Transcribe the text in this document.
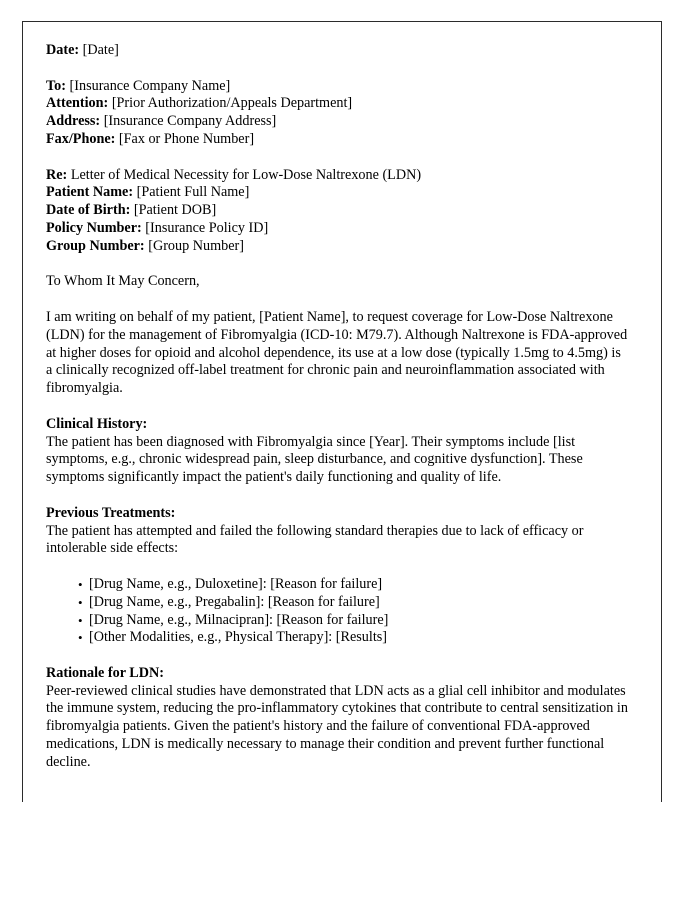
Date: [Date]
To: [Insurance Company Name]
Attention: [Prior Authorization/Appeals Department]
Address: [Insurance Company Address]
Fax/Phone: [Fax or Phone Number]
Re: Letter of Medical Necessity for Low-Dose Naltrexone (LDN)
Patient Name: [Patient Full Name]
Date of Birth: [Patient DOB]
Policy Number: [Insurance Policy ID]
Group Number: [Group Number]

To Whom It May Concern,

I am writing on behalf of my patient, [Patient Name], to request coverage for Low-Dose Naltrexone (LDN) for the management of Fibromyalgia (ICD-10: M79.7). Although Naltrexone is FDA-approved at higher doses for opioid and alcohol dependence, its use at a low dose (typically 1.5mg to 4.5mg) is a clinically recognized off-label treatment for chronic pain and neuroinflammation associated with fibromyalgia.

Clinical History:

The patient has been diagnosed with Fibromyalgia since [Year]. Their symptoms include [list symptoms, e.g., chronic widespread pain, sleep disturbance, and cognitive dysfunction]. These symptoms significantly impact the patient's daily functioning and quality of life.

Previous Treatments:

The patient has attempted and failed the following standard therapies due to lack of efficacy or intolerable side effects:

• [Drug Name, e.g., Duloxetine]: [Reason for failure]
• [Drug Name, e.g., Pregabalin]: [Reason for failure]
• [Drug Name, e.g., Milnacipran]: [Reason for failure]
• [Other Modalities, e.g., Physical Therapy]: [Results]

Rationale for LDN:

Peer-reviewed clinical studies have demonstrated that LDN acts as a glial cell inhibitor and modulates the immune system, reducing the pro-inflammatory cytokines that contribute to central sensitization in fibromyalgia patients. Given the patient's history and the failure of conventional FDA-approved medications, LDN is medically necessary to manage their condition and prevent further functional decline.
